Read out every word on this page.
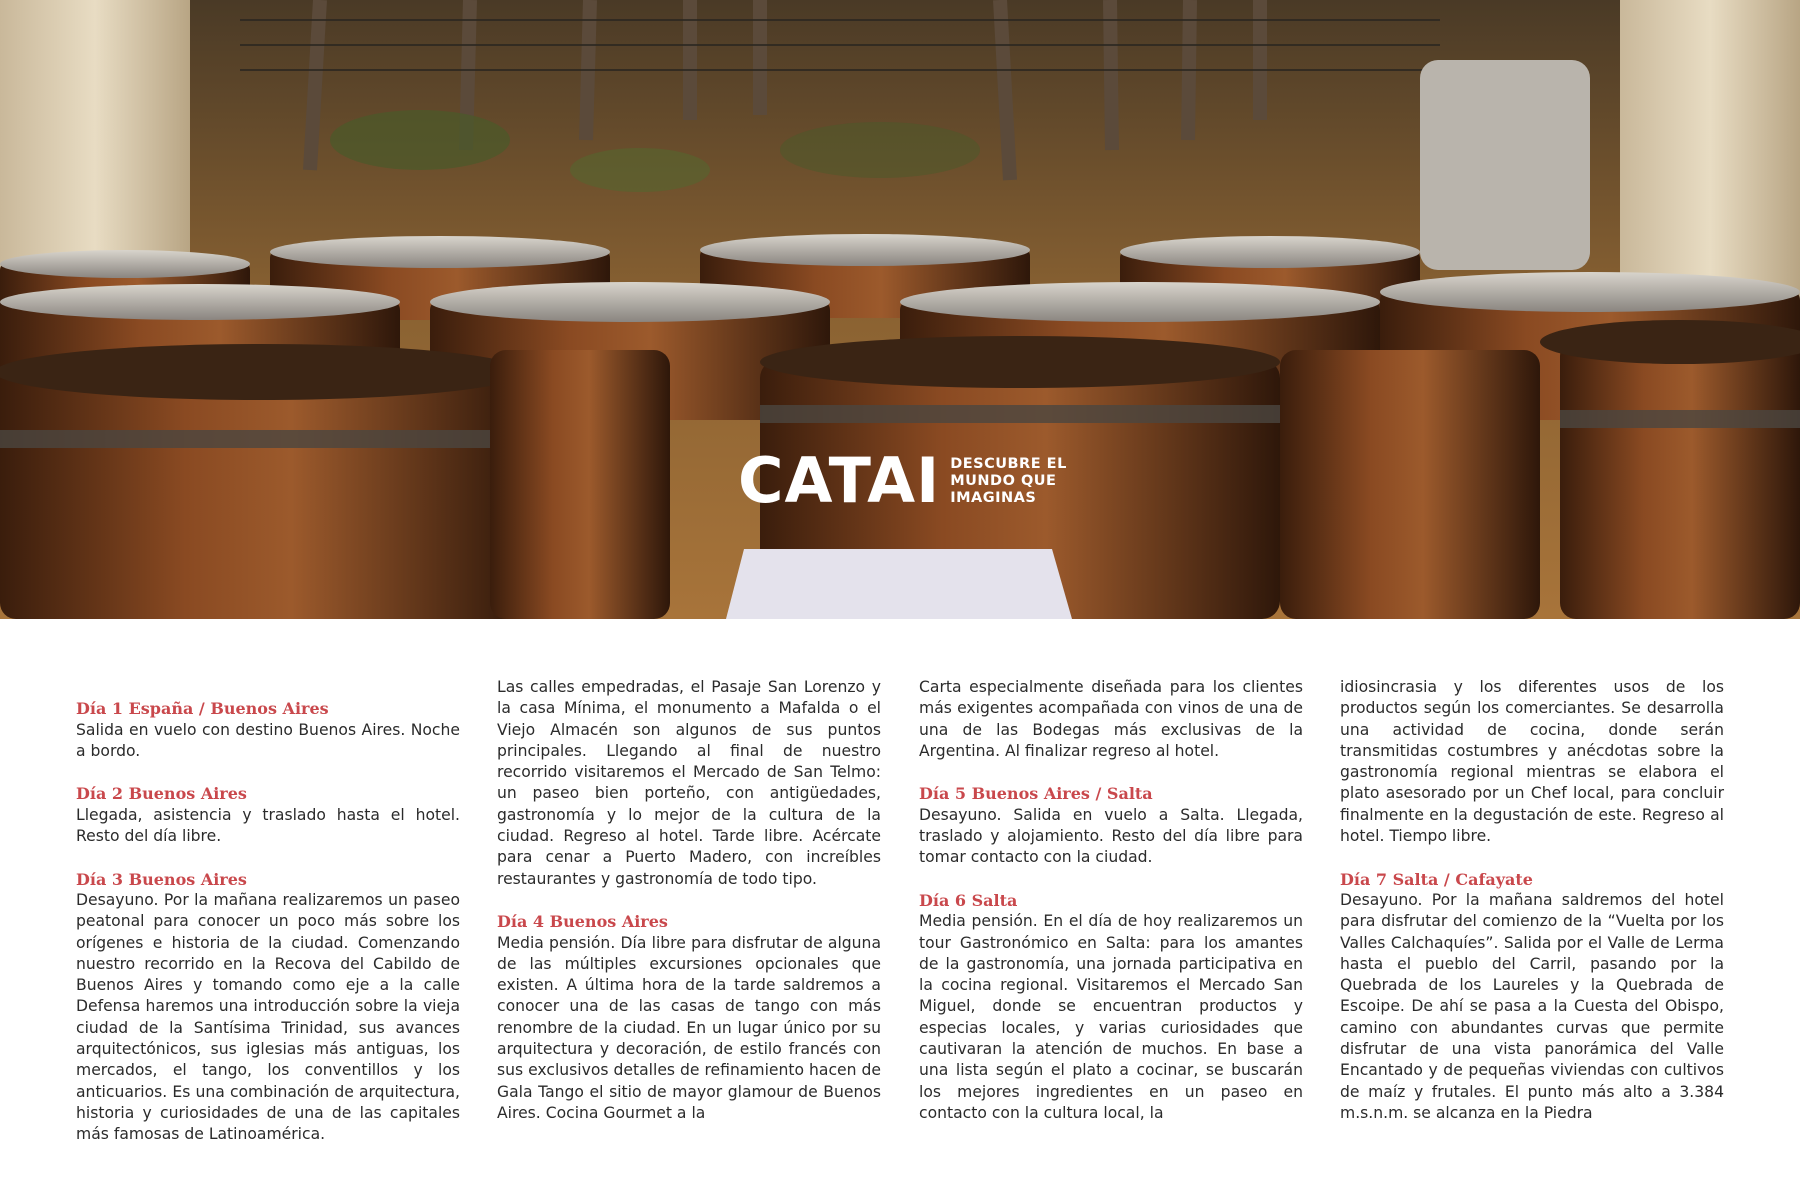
CATAI DESCUBRE EL
MUNDO QUE
IMAGINAS

Día 1 España / Buenos Aires
Salida en vuelo con destino Buenos Aires. Noche a bordo.

Día 2 Buenos Aires
Llegada, asistencia y traslado hasta el hotel. Resto del día libre.

Día 3 Buenos Aires
Desayuno. Por la mañana realizaremos un paseo peatonal para conocer un poco más sobre los orígenes e historia de la ciudad. Comenzando nuestro recorrido en la Recova del Cabildo de Buenos Aires y tomando como eje a la calle Defensa haremos una introducción sobre la vieja ciudad de la Santísima Trinidad, sus avances arquitectónicos, sus iglesias más antiguas, los mercados, el tango, los conventillos y los anticuarios. Es una combinación de arquitectura, historia y curiosidades de una de las capitales más famosas de Latinoamérica.

Las calles empedradas, el Pasaje San Lorenzo y la casa Mínima, el monumento a Mafalda o el Viejo Almacén son algunos de sus puntos principales. Llegando al final de nuestro recorrido visitaremos el Mercado de San Telmo: un paseo bien porteño, con antigüedades, gastronomía y lo mejor de la cultura de la ciudad. Regreso al hotel. Tarde libre. Acércate para cenar a Puerto Madero, con increíbles restaurantes y gastronomía de todo tipo.

Día 4 Buenos Aires
Media pensión. Día libre para disfrutar de alguna de las múltiples excursiones opcionales que existen. A última hora de la tarde saldremos a conocer una de las casas de tango con más renombre de la ciudad. En un lugar único por su arquitectura y decoración, de estilo francés con sus exclusivos detalles de refinamiento hacen de Gala Tango el sitio de mayor glamour de Buenos Aires. Cocina Gourmet a la

Carta especialmente diseñada para los clientes más exigentes acompañada con vinos de una de una de las Bodegas más exclusivas de la Argentina. Al finalizar regreso al hotel.

Día 5 Buenos Aires / Salta
Desayuno. Salida en vuelo a Salta. Llegada, traslado y alojamiento. Resto del día libre para tomar contacto con la ciudad.

Día 6 Salta
Media pensión. En el día de hoy realizaremos un tour Gastronómico en Salta: para los amantes de la gastronomía, una jornada participativa en la cocina regional. Visitaremos el Mercado San Miguel, donde se encuentran productos y especias locales, y varias curiosidades que cautivaran la atención de muchos. En base a una lista según el plato a cocinar, se buscarán los mejores ingredientes en un paseo en contacto con la cultura local, la

idiosincrasia y los diferentes usos de los productos según los comerciantes. Se desarrolla una actividad de cocina, donde serán transmitidas costumbres y anécdotas sobre la gastronomía regional mientras se elabora el plato asesorado por un Chef local, para concluir finalmente en la degustación de este. Regreso al hotel. Tiempo libre.

Día 7 Salta / Cafayate
Desayuno. Por la mañana saldremos del hotel para disfrutar del comienzo de la “Vuelta por los Valles Calchaquíes”. Salida por el Valle de Lerma hasta el pueblo del Carril, pasando por la Quebrada de los Laureles y la Quebrada de Escoipe. De ahí se pasa a la Cuesta del Obispo, camino con abundantes curvas que permite disfrutar de una vista panorámica del Valle Encantado y de pequeñas viviendas con cultivos de maíz y frutales. El punto más alto a 3.384 m.s.n.m. se alcanza en la Piedra
